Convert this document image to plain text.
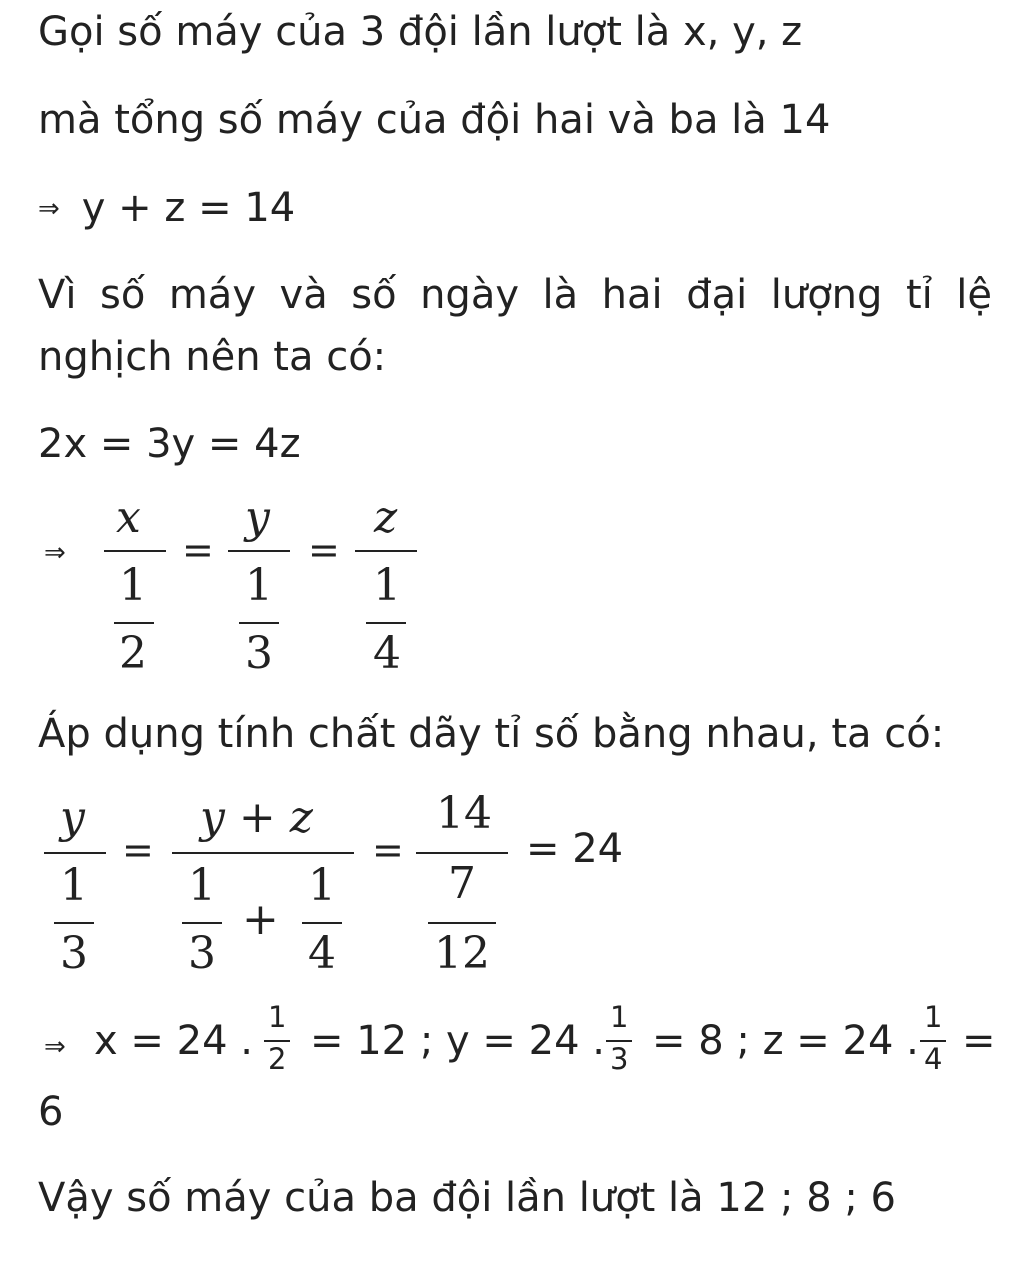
Gọi số máy của 3 đội lần lượt là x, y, z
mà tổng số máy của đội hai và ba là 14
⇒ y + z = 14
Vì số máy và số ngày là hai đại lượng tỉ lệ nghịch nên ta có:
2x = 3y = 4z
⇒
x
1
2
=
y
1
3
=
z
1
4
Áp dụng tính chất dãy tỉ số bằng nhau, ta có:
y
1
3
=
y + z
1
3
+
1
4
=
14
7
12
= 24
⇒ x = 24 .
1
2 = 12 ; y = 24 .
1
3 = 8 ; z = 24 .
1
4 =
6
Vậy số máy của ba đội lần lượt là 12 ; 8 ; 6
